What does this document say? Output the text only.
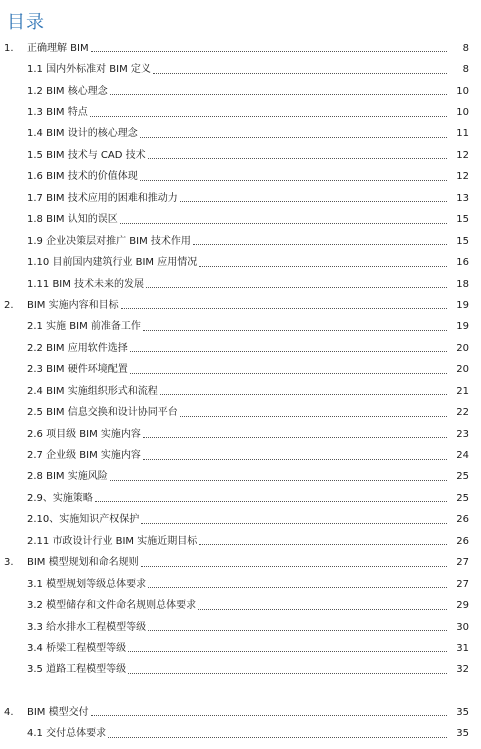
目录
1.	正确理解 BIM	8
1.1 国内外标准对 BIM 定义	8
1.2 BIM 核心理念	10
1.3 BIM 特点	10
1.4 BIM 设计的核心理念	11
1.5 BIM 技术与 CAD 技术	12
1.6 BIM 技术的价值体现	12
1.7 BIM 技术应用的困难和推动力	13
1.8 BIM 认知的误区	15
1.9 企业决策层对推广 BIM 技术作用	15
1.10 目前国内建筑行业 BIM 应用情况	16
1.11 BIM 技术未来的发展	18
2.	BIM 实施内容和目标	19
2.1 实施 BIM 前准备工作	19
2.2 BIM 应用软件选择	20
2.3 BIM 硬件环境配置	20
2.4 BIM 实施组织形式和流程	21
2.5 BIM 信息交换和设计协同平台	22
2.6 项目级 BIM 实施内容	23
2.7 企业级 BIM 实施内容	24
2.8 BIM 实施风险	25
2.9、实施策略	25
2.10、实施知识产权保护	26
2.11 市政设计行业 BIM 实施近期目标	26
3.	BIM 模型规划和命名规则	27
3.1 模型规划等级总体要求	27
3.2 模型储存和文件命名规则总体要求	29
3.3 给水排水工程模型等级	30
3.4 桥梁工程模型等级	31
3.5 道路工程模型等级	32
4.	BIM 模型交付	35
4.1 交付总体要求	35
